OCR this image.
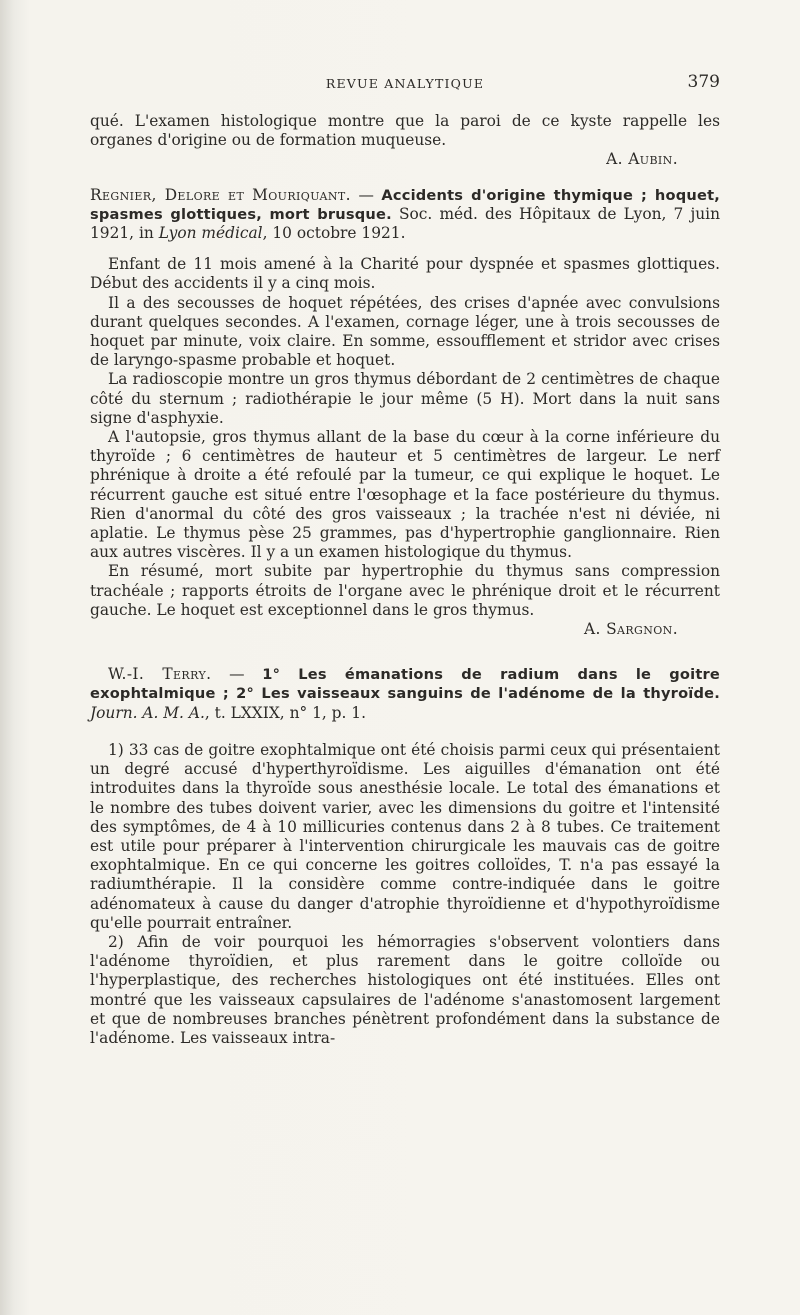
REVUE ANALYTIQUE	379

qué. L'examen histologique montre que la paroi de ce kyste rappelle les organes d'origine ou de formation muqueuse.

A. Aubin.

Regnier, Delore et Mouriquant. — Accidents d'origine thymique ; hoquet, spasmes glottiques, mort brusque. Soc. méd. des Hôpitaux de Lyon, 7 juin 1921, in Lyon médical, 10 octobre 1921.

Enfant de 11 mois amené à la Charité pour dyspnée et spasmes glottiques. Début des accidents il y a cinq mois.

Il a des secousses de hoquet répétées, des crises d'apnée avec convulsions durant quelques secondes. A l'examen, cornage léger, une à trois secousses de hoquet par minute, voix claire. En somme, essoufflement et stridor avec crises de laryngo-spasme probable et hoquet.

La radioscopie montre un gros thymus débordant de 2 centimètres de chaque côté du sternum ; radiothérapie le jour même (5 H). Mort dans la nuit sans signe d'asphyxie.

A l'autopsie, gros thymus allant de la base du cœur à la corne inférieure du thyroïde ; 6 centimètres de hauteur et 5 centimètres de largeur. Le nerf phrénique à droite a été refoulé par la tumeur, ce qui explique le hoquet. Le récurrent gauche est situé entre l'œsophage et la face postérieure du thymus. Rien d'anormal du côté des gros vaisseaux ; la trachée n'est ni déviée, ni aplatie. Le thymus pèse 25 grammes, pas d'hypertrophie ganglionnaire. Rien aux autres viscères. Il y a un examen histologique du thymus.

En résumé, mort subite par hypertrophie du thymus sans compression trachéale ; rapports étroits de l'organe avec le phrénique droit et le récurrent gauche. Le hoquet est exceptionnel dans le gros thymus.

A. Sargnon.

W.-I. Terry. — 1° Les émanations de radium dans le goitre exophtalmique ; 2° Les vaisseaux sanguins de l'adénome de la thyroïde. Journ. A. M. A., t. LXXIX, n° 1, p. 1.

1) 33 cas de goitre exophtalmique ont été choisis parmi ceux qui présentaient un degré accusé d'hyperthyroïdisme. Les aiguilles d'émanation ont été introduites dans la thyroïde sous anesthésie locale. Le total des émanations et le nombre des tubes doivent varier, avec les dimensions du goitre et l'intensité des symptômes, de 4 à 10 millicuries contenus dans 2 à 8 tubes. Ce traitement est utile pour préparer à l'intervention chirurgicale les mauvais cas de goitre exophtalmique. En ce qui concerne les goitres colloïdes, T. n'a pas essayé la radiumthérapie. Il la considère comme contre-indiquée dans le goitre adénomateux à cause du danger d'atrophie thyroïdienne et d'hypothyroïdisme qu'elle pourrait entraîner.

2) Afin de voir pourquoi les hémorragies s'observent volontiers dans l'adénome thyroïdien, et plus rarement dans le goitre colloïde ou l'hyperplastique, des recherches histologiques ont été instituées. Elles ont montré que les vaisseaux capsulaires de l'adénome s'anastomosent largement et que de nombreuses branches pénètrent profondément dans la substance de l'adénome. Les vaisseaux intra-
